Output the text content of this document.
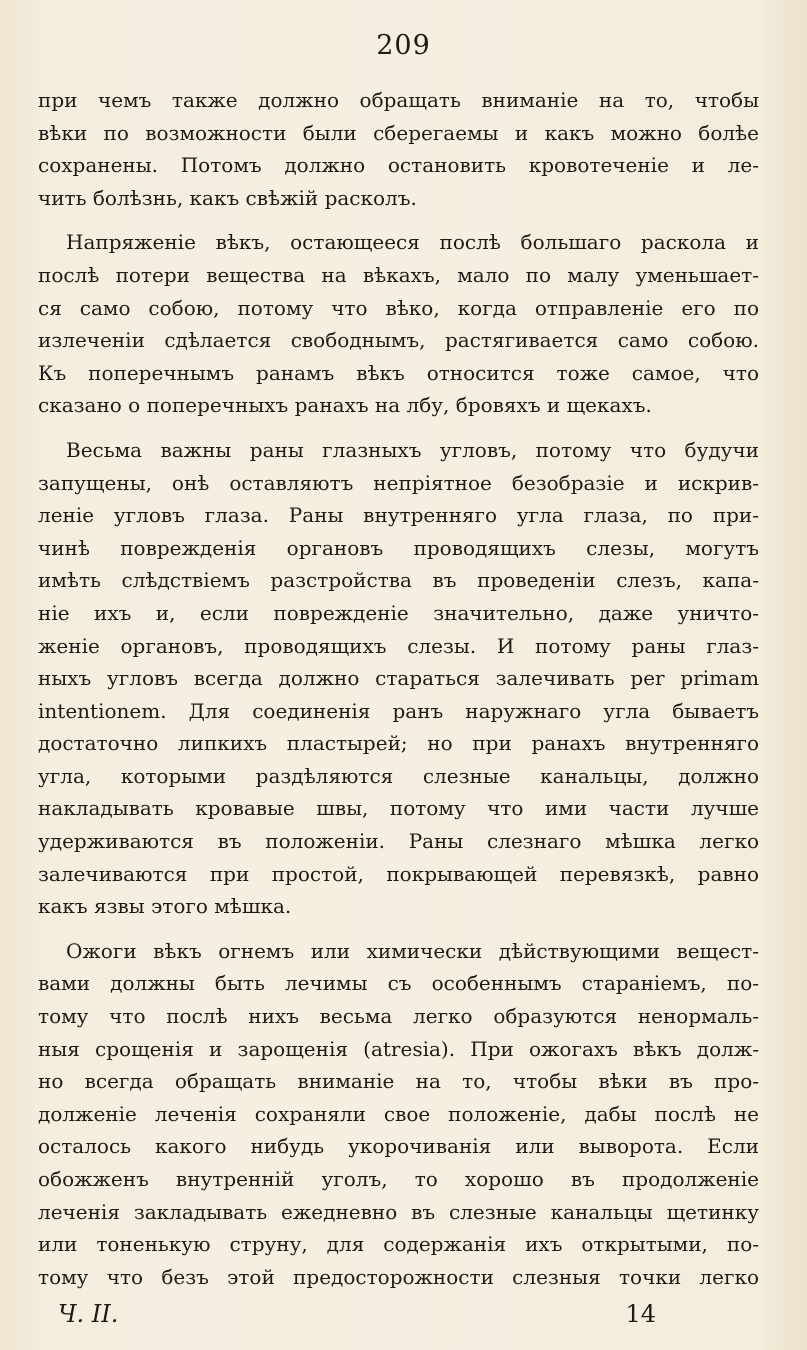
209
при чемъ также должно обращать вниманіе на то, чтобы
вѣки по возможности были сберегаемы и какъ можно болѣе
сохранены. Потомъ должно остановить кровотеченіе и ле-
чить болѣзнь, какъ свѣжій расколъ.
Напряженіе вѣкъ, остающееся послѣ большаго раскола и
послѣ потери вещества на вѣкахъ, мало по малу уменьшает-
ся само собою, потому что вѣко, когда отправленіе его по
излеченіи сдѣлается свободнымъ, растягивается само собою.
Къ поперечнымъ ранамъ вѣкъ относится тоже самое, что
сказано о поперечныхъ ранахъ на лбу, бровяхъ и щекахъ.
Весьма важны раны глазныхъ угловъ, потому что будучи
запущены, онѣ оставляютъ непріятное безобразіе и искрив-
леніе угловъ глаза. Раны внутренняго угла глаза, по при-
чинѣ поврежденія органовъ проводящихъ слезы, могутъ
имѣть слѣдствіемъ разстройства въ проведеніи слезъ, капа-
ніе ихъ и, если поврежденіе значительно, даже уничто-
женіе органовъ, проводящихъ слезы. И потому раны глаз-
ныхъ угловъ всегда должно стараться залечивать per primam
intentionem. Для соединенія ранъ наружнаго угла бываетъ
достаточно липкихъ пластырей; но при ранахъ внутренняго
угла, которыми раздѣляются слезные канальцы, должно
накладывать кровавые швы, потому что ими части лучше
удерживаются въ положеніи. Раны слезнаго мѣшка легко
залечиваются при простой, покрывающей перевязкѣ, равно
какъ язвы этого мѣшка.
Ожоги вѣкъ огнемъ или химически дѣйствующими вещест-
вами должны быть лечимы съ особеннымъ стараніемъ, по-
тому что послѣ нихъ весьма легко образуются ненормаль-
ныя срощенія и зарощенія (atresia). При ожогахъ вѣкъ долж-
но всегда обращать вниманіе на то, чтобы вѣки въ про-
долженіе леченія сохраняли свое положеніе, дабы послѣ не
осталось какого нибудь укорочиванія или выворота. Если
обожженъ внутренній уголъ, то хорошо въ продолженіе
леченія закладывать ежедневно въ слезные канальцы щетинку
или тоненькую струну, для содержанія ихъ открытыми, по-
тому что безъ этой предосторожности слезныя точки легко
Ч. II.	14
